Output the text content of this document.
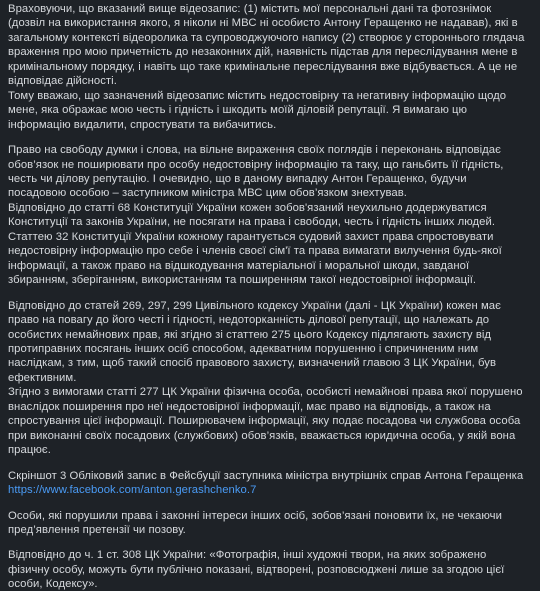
Враховуючи, що вказаний вище відеозапис: (1) містить мої персональні дані та фотознімок (дозвіл на використання якого, я ніколи ні МВС ні особисто Антону Геращенко не надавав), які в загальному контексті відеоролика та супроводжуючого напису (2) створює у стороннього глядача враження про мою причетність до незаконних дій, наявність підстав для переслідування мене в кримінальному порядку, і навіть що таке кримінальне переслідування вже відбувається. А це не відповідає дійсності.

Тому вважаю, що зазначений відеозапис містить недостовірну та негативну інформацію щодо мене, яка ображає мою честь і гідність і шкодить моїй діловій репутації. Я вимагаю цю інформацію видалити, спростувати та вибачитись.

Право на свободу думки і слова, на вільне вираження своїх поглядів і переконань відповідає обов’язок не поширювати про особу недостовірну інформацію та таку, що ганьбить її гідність, честь чи ділову репутацію. І очевидно, що в даному випадку Антон Геращенко, будучи посадовою особою – заступником міністра МВС цим обов’язком знехтував.

Відповідно до статті 68 Конституції України кожен зобов'язаний неухильно додержуватися Конституції та законів України, не посягати на права і свободи, честь і гідність інших людей. Статтею 32 Конституції України кожному гарантується судовий захист права спростовувати недостовірну інформацію про себе і членів своєї сім'ї та права вимагати вилучення будь-якої інформації, а також право на відшкодування матеріальної і моральної шкоди, завданої збиранням, зберіганням, використанням та поширенням такої недостовірної інформації.

Відповідно до статей 269, 297, 299 Цивільного кодексу України (далі - ЦК України) кожен має право на повагу до його честі і гідності, недоторканність ділової репутації, що належать до особистих немайнових прав, які згідно зі статтею 275 цього Кодексу підлягають захисту від протиправних посягань інших осіб способом, адекватним порушенню і спричиненим ним наслідкам, з тим, щоб такий спосіб правового захисту, визначений главою 3 ЦК України, був ефективним.

Згідно з вимогами статті 277 ЦК України фізична особа, особисті немайнові права якої порушено внаслідок поширення про неї недостовірної інформації, має право на відповідь, а також на спростування цієї інформації. Поширювачем інформації, яку подає посадова чи службова особа при виконанні своїх посадових (службових) обов’язків, вважається юридична особа, у якій вона працює.

Скріншот 3 Обліковий запис в Фейсбуції заступника міністра внутрішніх справ Антона Геращенка https://www.facebook.com/anton.gerashchenko.7

Особи, які порушили права і законні інтереси інших осіб, зобов’язані поновити їх, не чекаючи пред’явлення претензії чи позову.

Відповідно до ч. 1 ст. 308 ЦК України: «Фотографія, інші художні твори, на яких зображено фізичну особу, можуть бути публічно показані, відтворені, розповсюджені лише за згодою цієї особи, Кодексу».
